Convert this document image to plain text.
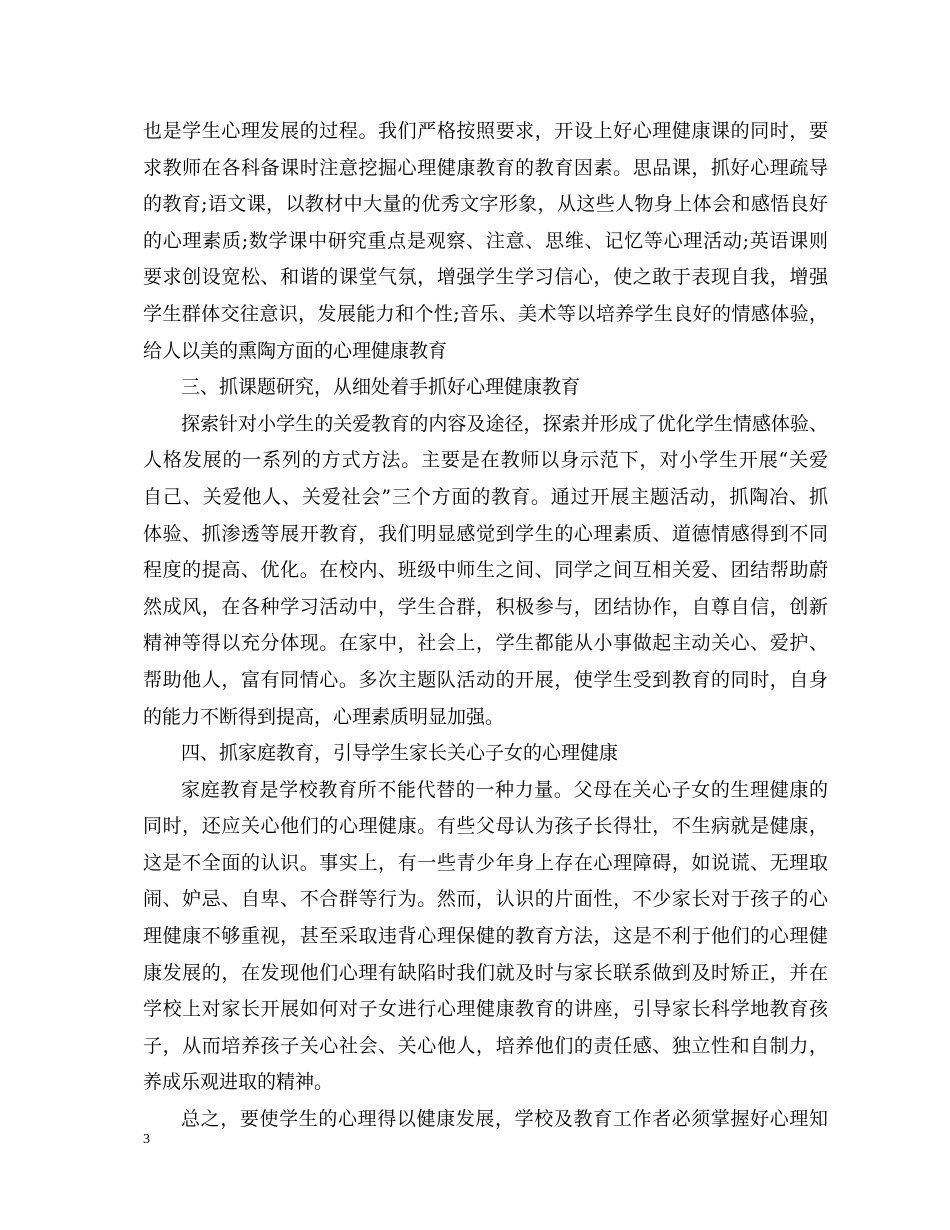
也是学生心理发展的过程。我们严格按照要求，开设上好心理健康课的同时，要
求教师在各科备课时注意挖掘心理健康教育的教育因素。思品课，抓好心理疏导
的教育;语文课，以教材中大量的优秀文字形象，从这些人物身上体会和感悟良好
的心理素质;数学课中研究重点是观察、注意、思维、记忆等心理活动;英语课则
要求创设宽松、和谐的课堂气氛，增强学生学习信心，使之敢于表现自我，增强
学生群体交往意识，发展能力和个性;音乐、美术等以培养学生良好的情感体验，
给人以美的熏陶方面的心理健康教育
三、抓课题研究，从细处着手抓好心理健康教育
探索针对小学生的关爱教育的内容及途径，探索并形成了优化学生情感体验、
人格发展的一系列的方式方法。主要是在教师以身示范下，对小学生开展“关爱
自己、关爱他人、关爱社会”三个方面的教育。通过开展主题活动，抓陶冶、抓
体验、抓渗透等展开教育，我们明显感觉到学生的心理素质、道德情感得到不同
程度的提高、优化。在校内、班级中师生之间、同学之间互相关爱、团结帮助蔚
然成风，在各种学习活动中，学生合群，积极参与，团结协作，自尊自信，创新
精神等得以充分体现。在家中，社会上，学生都能从小事做起主动关心、爱护、
帮助他人，富有同情心。多次主题队活动的开展，使学生受到教育的同时，自身
的能力不断得到提高，心理素质明显加强。
四、抓家庭教育，引导学生家长关心子女的心理健康
家庭教育是学校教育所不能代替的一种力量。父母在关心子女的生理健康的
同时，还应关心他们的心理健康。有些父母认为孩子长得壮，不生病就是健康，
这是不全面的认识。事实上，有一些青少年身上存在心理障碍，如说谎、无理取
闹、妒忌、自卑、不合群等行为。然而，认识的片面性，不少家长对于孩子的心
理健康不够重视，甚至采取违背心理保健的教育方法，这是不利于他们的心理健
康发展的，在发现他们心理有缺陷时我们就及时与家长联系做到及时矫正，并在
学校上对家长开展如何对子女进行心理健康教育的讲座，引导家长科学地教育孩
子，从而培养孩子关心社会、关心他人，培养他们的责任感、独立性和自制力，
养成乐观进取的精神。
总之，要使学生的心理得以健康发展，学校及教育工作者必须掌握好心理知
3
